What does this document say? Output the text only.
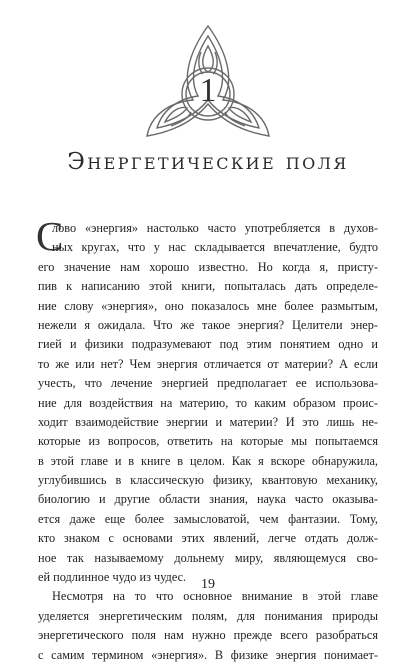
1
Энергетические поля
С
лово «энергия» настолько часто употребляется в духов-
ных кругах, что у нас складывается впечатление, будто
его значение нам хорошо известно. Но когда я, присту-
пив к написанию этой книги, попыталась дать определе-
ние слову «энергия», оно показалось мне более размытым,
нежели я ожидала. Что же такое энергия? Целители энер-
гией и физики подразумевают под этим понятием одно и
то же или нет? Чем энергия отличается от материи? А если
учесть, что лечение энергией предполагает ее использова-
ние для воздействия на материю, то каким образом проис-
ходит взаимодействие энергии и материи? И это лишь не-
которые из вопросов, ответить на которые мы попытаемся
в этой главе и в книге в целом. Как я вскоре обнаружила,
углубившись в классическую физику, квантовую механику,
биологию и другие области знания, наука часто оказыва-
ется даже еще более замысловатой, чем фантазии. Тому,
кто знаком с основами этих явлений, легче отдать долж-
ное так называемому дольнему миру, являющемуся сво-
ей подлинное чудо из чудес.
Несмотря на то что основное внимание в этой главе
уделяется энергетическим полям, для понимания природы
энергетического поля нам нужно прежде всего разобраться
с самим термином «энергия». В физике энергия понимает-
19
